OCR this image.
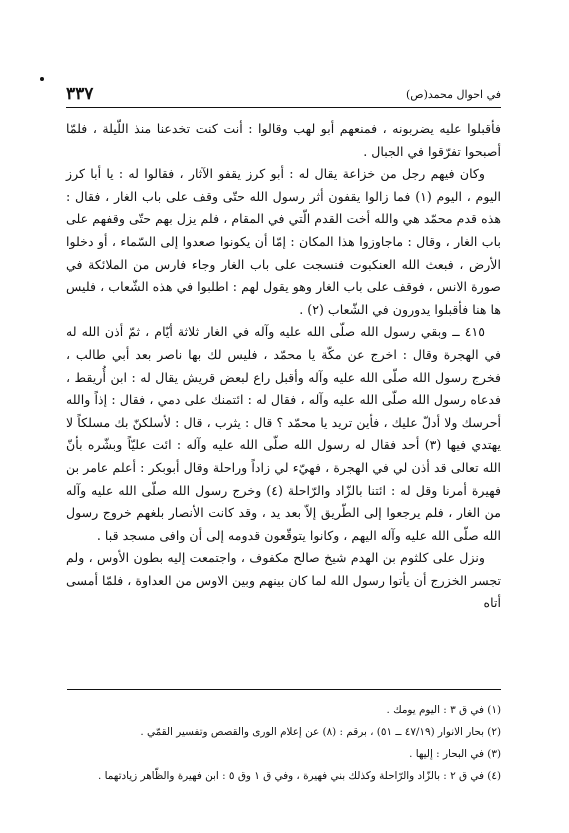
ﻓﻲ احوال محمد(ص)
٣٣٧

فأقبلوا عليه يضربونه ، فمنعهم أبو لهب وقالوا : أنت كنت تخدعنا منذ اللّيلة ، فلمّا أصبحوا تفرّقوا في الجبال .

وكان فيهم رجل من خزاعة يقال له : أبو كرز يقفو الآثار ، فقالوا له : يا أبا كرز اليوم ، اليوم (١) فما زالوا يقفون أثر رسول الله حتّى وقف على باب الغار ، فقال : هذه قدم محمّد هي والله أخت القدم الّتي في المقام ، فلم يزل بهم حتّى وقفهم على باب الغار ، وقال : ماجاوزوا هذا المكان : إمّا أن يكونوا صعدوا إلى السّماء ، أو دخلوا الأرض ، فبعث الله العنكبوت فنسجت على باب الغار وجاء فارس من الملائكة في صورة الانس ، فوقف على باب الغار وهو يقول لهم : اطلبوا في هذه الشّعاب ، فليس ها هنا فأقبلوا يدورون في الشّعاب (٢) .

٤١٥ ــ وبقي رسول الله صلّى الله عليه وآله في الغار ثلاثة أيّام ، ثمّ أذن الله له في الهجرة وقال : اخرج عن مكّة يا محمّد ، فليس لك بها ناصر بعد أبي طالب ، فخرج رسول الله صلّى الله عليه وآله وأقبل راع لبعض قريش يقال له : ابن أُريقط ، فدعاه رسول الله صلّى الله عليه وآله ، فقال له : ائتمنك على دمي ، فقال : إذاً والله أحرسك ولا أدلّ عليك ، فأين تريد يا محمّد ؟ قال : يثرب ، قال : لأسلكنّ بك مسلكاً لا يهتدي فيها (٣) أحد فقال له رسول الله صلّى الله عليه وآله : ائت عليّاً وبشّره بأنّ الله تعالى قد أذن لي في الهجرة ، فهيّء لي زاداً وراحلة وقال أبوبكر : أعلم عامر بن فهيرة أمرنا وقل له : ائتنا بالزّاد والرّاحلة (٤) وخرج رسول الله صلّى الله عليه وآله من الغار ، فلم يرجعوا إلى الطّريق إلاّ بعد يد ، وقد كانت الأنصار بلغهم خروج رسول الله صلّى الله عليه وآله اليهم ، وكانوا يتوقّعون قدومه إلى أن وافى مسجد قبا .

ونزل على كلثوم بن الهدم شيخ صالح مكفوف ، واجتمعت إليه بطون الأوس ، ولم تجسر الخزرج أن يأتوا رسول الله لما كان بينهم وبين الاوس من العداوة ، فلمّا أمسى أتاه

(١) في ق ٣ : اليوم يومك .
(٢) بحار الانوار (٤٧/١٩ ــ ٥١) ، برقم : (٨) عن إعلام الورى والقصص وتفسير القمّي .
(٣) في البحار : إليها .
(٤) في ق ٢ : بالزّاد والرّاحلة وكذلك بني فهيرة ، وفي ق ١ وق ٥ : ابن فهيرة والظّاهر زيادتهما .
